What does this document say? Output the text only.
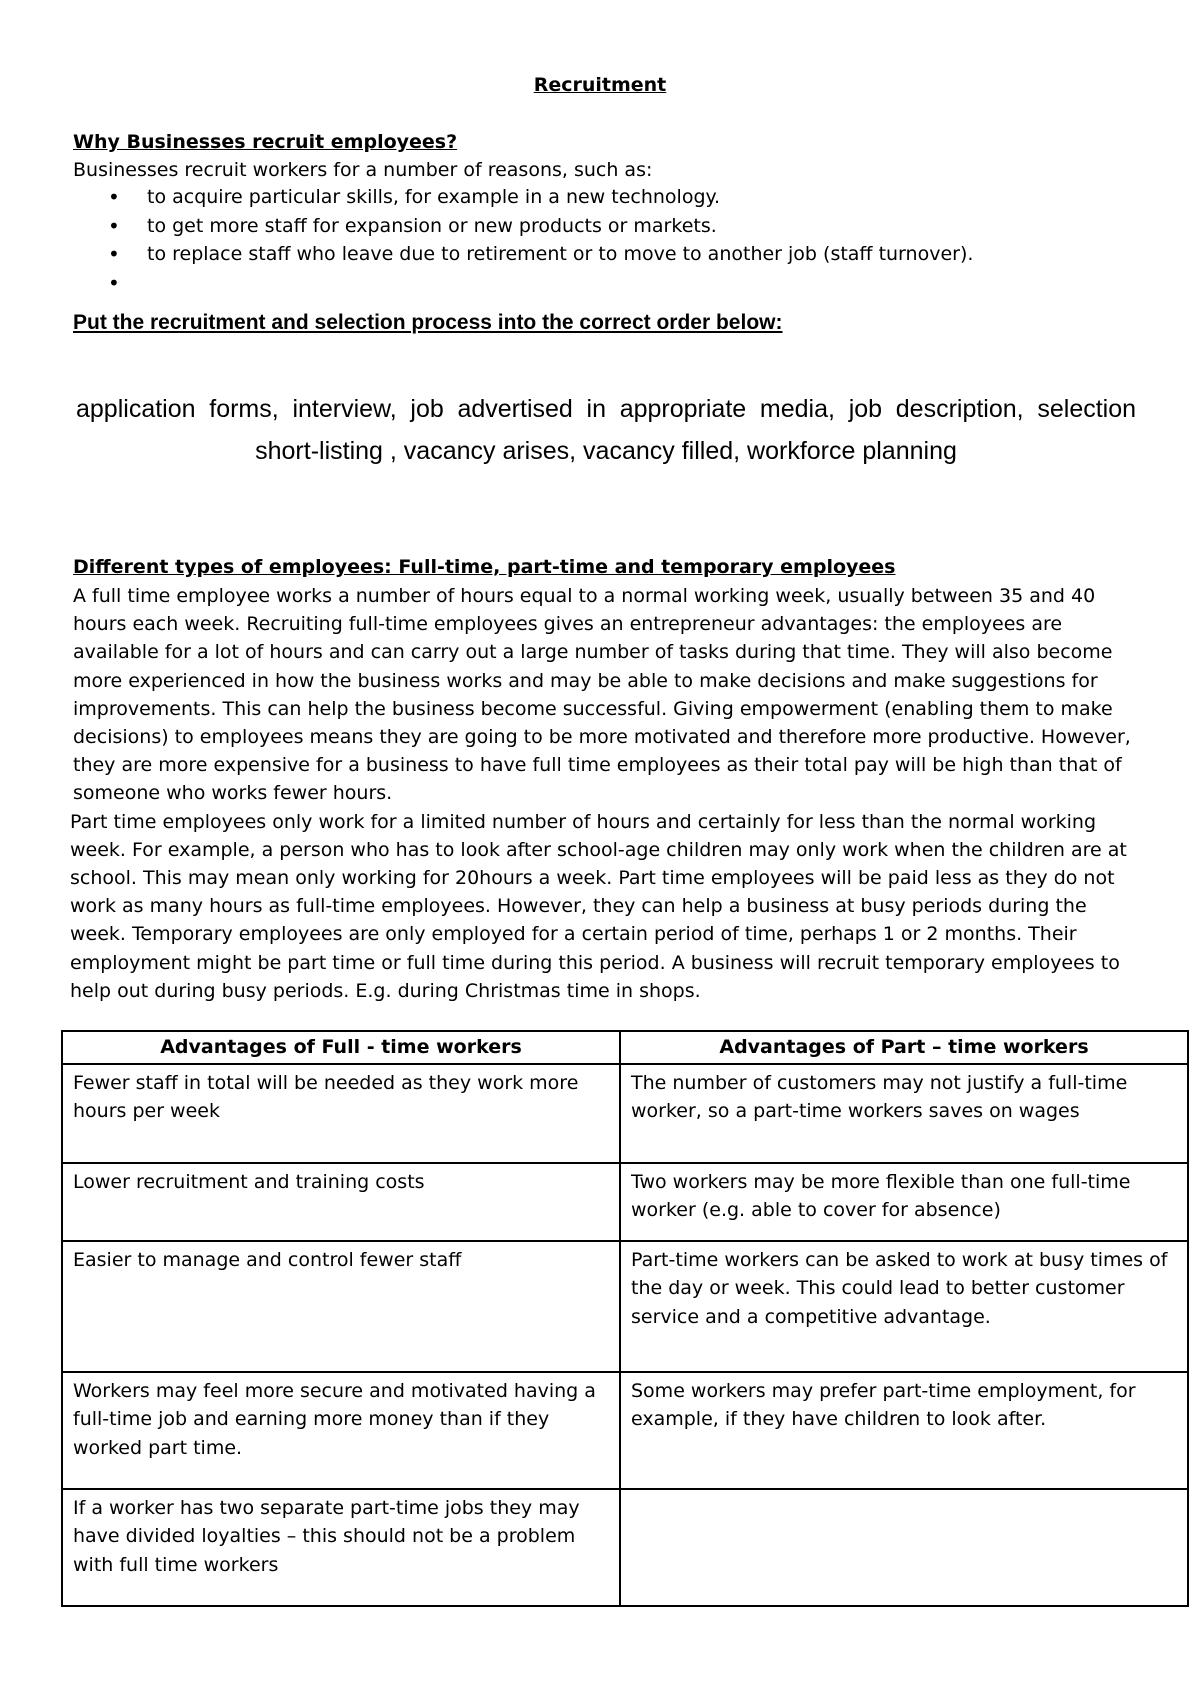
Recruitment
Why Businesses recruit employees?
Businesses recruit workers for a number of reasons, such as:
• to acquire particular skills, for example in a new technology.
• to get more staff for expansion or new products or markets.
• to replace staff who leave due to retirement or to move to another job (staff turnover).
•
Put the recruitment and selection process into the correct order below:
application forms, interview, job advertised in appropriate media, job description, selection short-listing , vacancy arises, vacancy filled, workforce planning
Different types of employees: Full-time, part-time and temporary employees

A full time employee works a number of hours equal to a normal working week, usually between 35 and 40 hours each week. Recruiting full-time employees gives an entrepreneur advantages: the employees are available for a lot of hours and can carry out a large number of tasks during that time. They will also become more experienced in how the business works and may be able to make decisions and make suggestions for improvements. This can help the business become successful. Giving empowerment (enabling them to make decisions) to employees means they are going to be more motivated and therefore more productive. However, they are more expensive for a business to have full time employees as their total pay will be high than that of someone who works fewer hours.

Part time employees only work for a limited number of hours and certainly for less than the normal working week. For example, a person who has to look after school-age children may only work when the children are at school. This may mean only working for 20hours a week. Part time employees will be paid less as they do not work as many hours as full-time employees. However, they can help a business at busy periods during the week. Temporary employees are only employed for a certain period of time, perhaps 1 or 2 months. Their employment might be part time or full time during this period. A business will recruit temporary employees to help out during busy periods. E.g. during Christmas time in shops.

Advantages of Full - time workers	Advantages of Part – time workers
Fewer staff in total will be needed as they work more hours per week	The number of customers may not justify a full-time worker, so a part-time workers saves on wages
Lower recruitment and training costs	Two workers may be more flexible than one full-time worker (e.g. able to cover for absence)
Easier to manage and control fewer staff	Part-time workers can be asked to work at busy times of the day or week. This could lead to better customer service and a competitive advantage.
Workers may feel more secure and motivated having a full-time job and earning more money than if they worked part time.	Some workers may prefer part-time employment, for example, if they have children to look after.
If a worker has two separate part-time jobs they may have divided loyalties – this should not be a problem with full time workers	
